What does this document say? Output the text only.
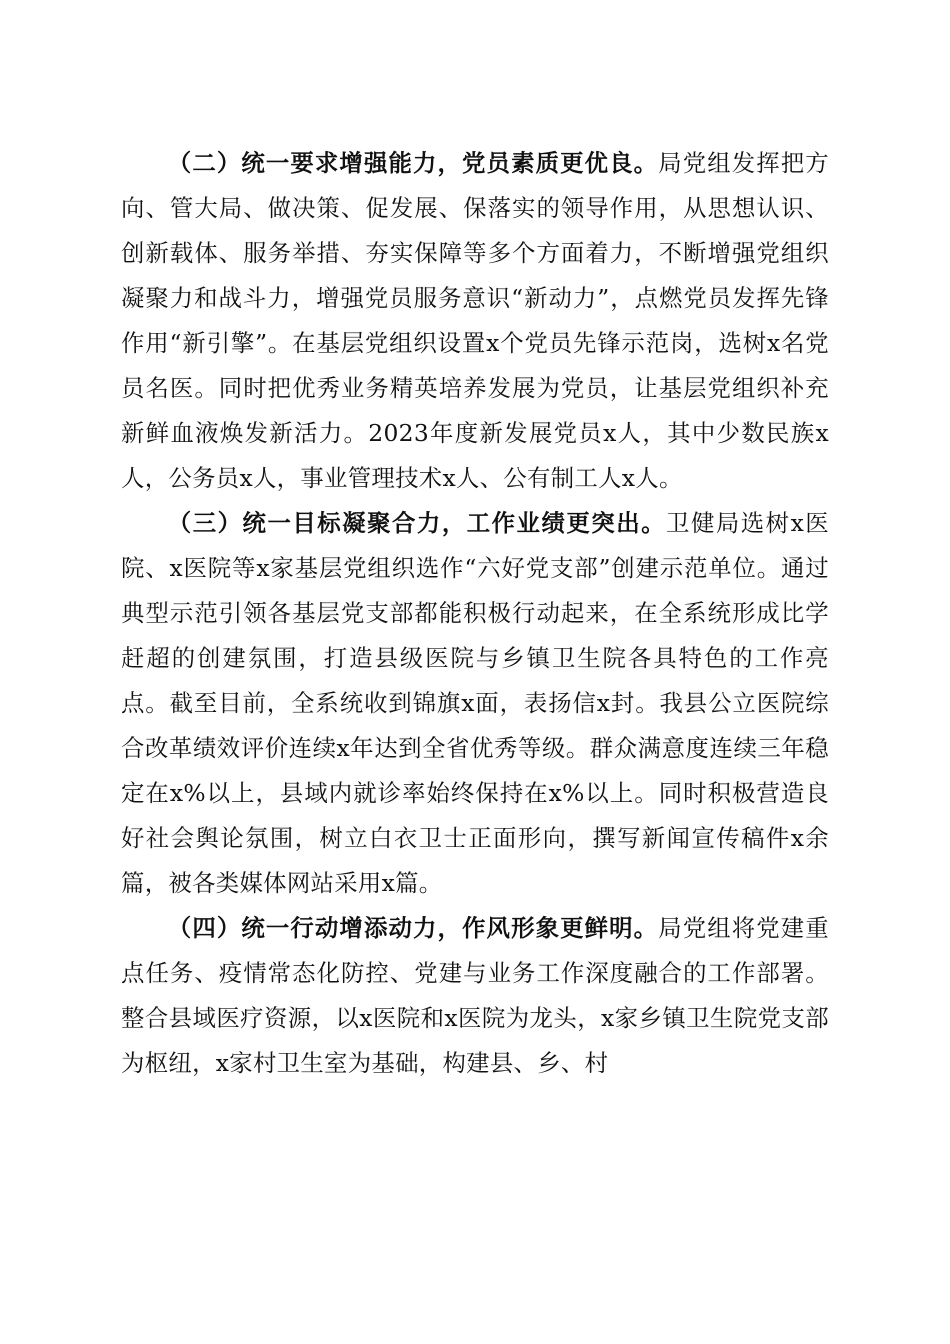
（二）统一要求增强能力，党员素质更优良。局党组发挥把方向、管大局、做决策、促发展、保落实的领导作用，从思想认识、创新载体、服务举措、夯实保障等多个方面着力，不断增强党组织凝聚力和战斗力，增强党员服务意识“新动力”，点燃党员发挥先锋作用“新引擎”。在基层党组织设置x个党员先锋示范岗，选树x名党员名医。同时把优秀业务精英培养发展为党员，让基层党组织补充新鲜血液焕发新活力。2023年度新发展党员x人，其中少数民族x人，公务员x人，事业管理技术x人、公有制工人x人。

（三）统一目标凝聚合力，工作业绩更突出。卫健局选树x医院、x医院等x家基层党组织选作“六好党支部”创建示范单位。通过典型示范引领各基层党支部都能积极行动起来，在全系统形成比学赶超的创建氛围，打造县级医院与乡镇卫生院各具特色的工作亮点。截至目前，全系统收到锦旗x面，表扬信x封。我县公立医院综合改革绩效评价连续x年达到全省优秀等级。群众满意度连续三年稳定在x%以上，县域内就诊率始终保持在x%以上。同时积极营造良好社会舆论氛围，树立白衣卫士正面形向，撰写新闻宣传稿件x余篇，被各类媒体网站采用x篇。

（四）统一行动增添动力，作风形象更鲜明。局党组将党建重点任务、疫情常态化防控、党建与业务工作深度融合的工作部署。整合县域医疗资源，以x医院和x医院为龙头，x家乡镇卫生院党支部为枢纽，x家村卫生室为基础，构建县、乡、村
